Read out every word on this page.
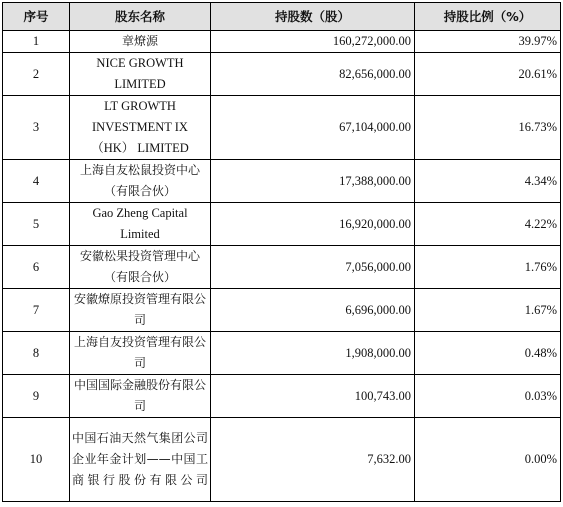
序号	股东名称	持股数（股）	持股比例（%）
1	章燎源	160,272,000.00	39.97%
2	NICE GROWTH LIMITED	82,656,000.00	20.61%
3	LT GROWTH INVESTMENT IX （HK） LIMITED	67,104,000.00	16.73%
4	上海自友松鼠投资中心（有限合伙）	17,388,000.00	4.34%
5	Gao Zheng Capital Limited	16,920,000.00	4.22%
6	安徽松果投资管理中心（有限合伙）	7,056,000.00	1.76%
7	安徽燎原投资管理有限公司	6,696,000.00	1.67%
8	上海自友投资管理有限公司	1,908,000.00	0.48%
9	中国国际金融股份有限公司	100,743.00	0.03%
10	中国石油天然气集团公司企业年金计划——中国工商银行股份有限公司	7,632.00	0.00%
